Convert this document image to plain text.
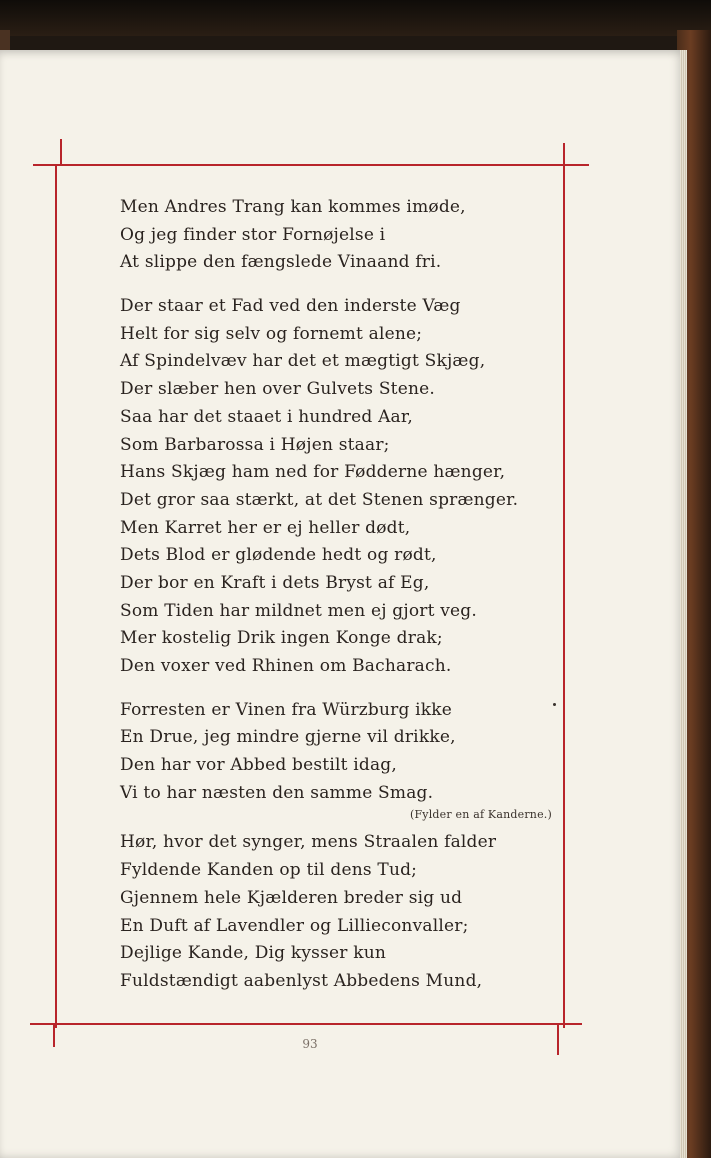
Men Andres Trang kan kommes imøde,
Og jeg finder stor Fornøjelse i
At slippe den fængslede Vinaand fri.
Der staar et Fad ved den inderste Væg
Helt for sig selv og fornemt alene;
Af Spindelvæv har det et mægtigt Skjæg,
Der slæber hen over Gulvets Stene.
Saa har det staaet i hundred Aar,
Som Barbarossa i Højen staar;
Hans Skjæg ham ned for Fødderne hænger,
Det gror saa stærkt, at det Stenen sprænger.
Men Karret her er ej heller dødt,
Dets Blod er glødende hedt og rødt,
Der bor en Kraft i dets Bryst af Eg,
Som Tiden har mildnet men ej gjort veg.
Mer kostelig Drik ingen Konge drak;
Den voxer ved Rhinen om Bacharach.
Forresten er Vinen fra Würzburg ikke
En Drue, jeg mindre gjerne vil drikke,
Den har vor Abbed bestilt idag,
Vi to har næsten den samme Smag.
(Fylder en af Kanderne.)
Hør, hvor det synger, mens Straalen falder
Fyldende Kanden op til dens Tud;
Gjennem hele Kjælderen breder sig ud
En Duft af Lavendler og Lillieconvaller;
Dejlige Kande, Dig kysser kun
Fuldstændigt aabenlyst Abbedens Mund,
93
